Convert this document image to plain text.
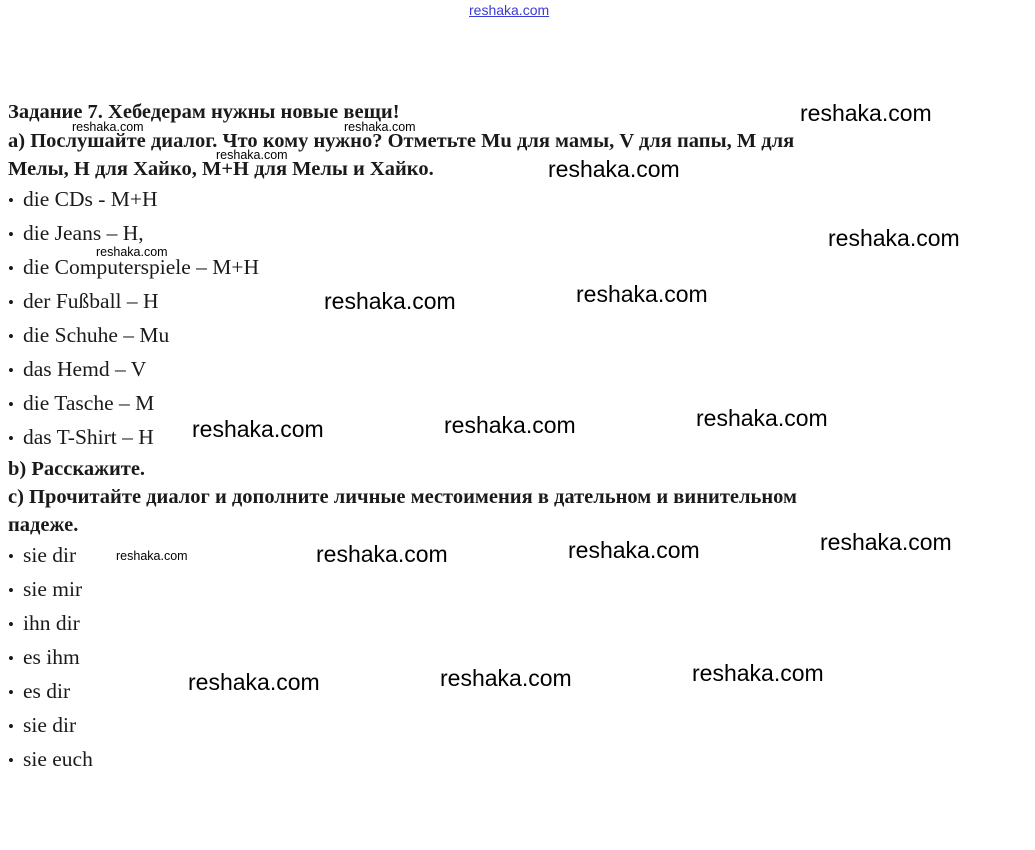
reshaka.com
Задание 7. Хебедерам нужны новые вещи!
a) Послушайте диалог. Что кому нужно? Отметьте Mu для мамы, V для папы, M для
Мелы, H для Хайко, M+H для Мелы и Хайко.
• die CDs - M+H
• die Jeans – H,
• die Computerspiele – M+H
• der Fußball – H
• die Schuhe – Mu
• das Hemd – V
• die Tasche – M
• das T-Shirt – H
b) Расскажите.
c) Прочитайте диалог и дополните личные местоимения в дательном и винительном
падеже.
• sie dir
• sie mir
• ihn dir
• es ihm
• es dir
• sie dir
• sie euch
reshaka.com
reshaka.com
reshaka.com
reshaka.com
reshaka.com
reshaka.com
reshaka.com
reshaka.com
reshaka.com
reshaka.com
reshaka.com
reshaka.com
reshaka.com
reshaka.com
reshaka.com	reshaka.com
reshaka.com
reshaka.com
reshaka.com
